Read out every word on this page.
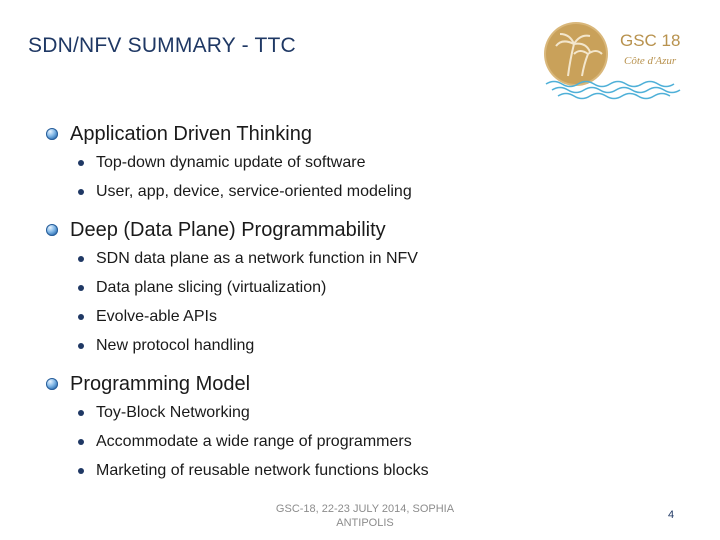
SDN/NFV SUMMARY - TTC	GSC 18
Côte d'Azur
Application Driven Thinking
Top-down dynamic update of software
User, app, device, service-oriented modeling
Deep (Data Plane) Programmability
SDN data plane as a network function in NFV
Data plane slicing (virtualization)
Evolve-able APIs
New protocol handling
Programming Model
Toy-Block Networking
Accommodate a wide range of programmers
Marketing of reusable network functions blocks
GSC-18, 22-23 JULY 2014, SOPHIA
ANTIPOLIS
4
